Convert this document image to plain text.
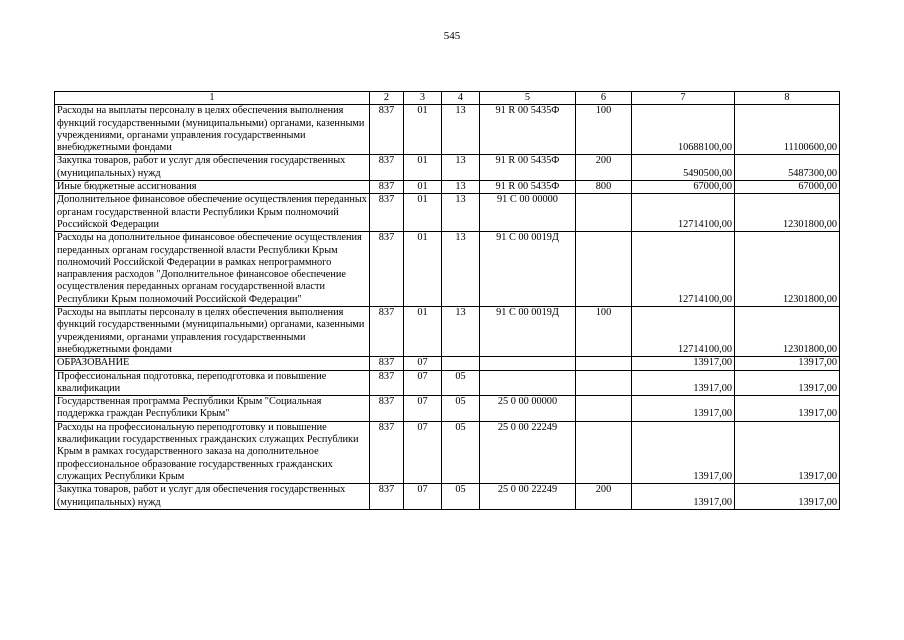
545
1	2	3	4	5	6	7	8
Расходы на выплаты персоналу в целях обеспечения выполнения функций государственными (муниципальными) органами, казенными учреждениями, органами управления государственными внебюджетными фондами	837	01	13	91 R 00 5435Ф	100	10688100,00	11100600,00
Закупка товаров, работ и услуг для обеспечения государственных (муниципальных) нужд	837	01	13	91 R 00 5435Ф	200	5490500,00	5487300,00
Иные бюджетные ассигнования	837	01	13	91 R 00 5435Ф	800	67000,00	67000,00
Дополнительное финансовое обеспечение осуществления переданных органам государственной власти Республики Крым полномочий Российской Федерации	837	01	13	91 С 00 00000		12714100,00	12301800,00
Расходы на дополнительное финансовое обеспечение осуществления переданных органам государственной власти Республики Крым полномочий Российской Федерации в рамках непрограммного направления расходов "Дополнительное финансовое обеспечение осуществления переданных органам государственной власти Республики Крым полномочий Российской Федерации"	837	01	13	91 С 00 0019Д		12714100,00	12301800,00
Расходы на выплаты персоналу в целях обеспечения выполнения функций государственными (муниципальными) органами, казенными учреждениями, органами управления государственными внебюджетными фондами	837	01	13	91 С 00 0019Д	100	12714100,00	12301800,00
ОБРАЗОВАНИЕ	837	07				13917,00	13917,00
Профессиональная подготовка, переподготовка и повышение квалификации	837	07	05			13917,00	13917,00
Государственная программа Республики Крым "Социальная поддержка граждан Республики Крым"	837	07	05	25 0 00 00000		13917,00	13917,00
Расходы на профессиональную переподготовку и повышение квалификации государственных гражданских служащих Республики Крым в рамках государственного заказа на дополнительное профессиональное образование государственных гражданских служащих Республики Крым	837	07	05	25 0 00 22249		13917,00	13917,00
Закупка товаров, работ и услуг для обеспечения государственных (муниципальных) нужд	837	07	05	25 0 00 22249	200	13917,00	13917,00
